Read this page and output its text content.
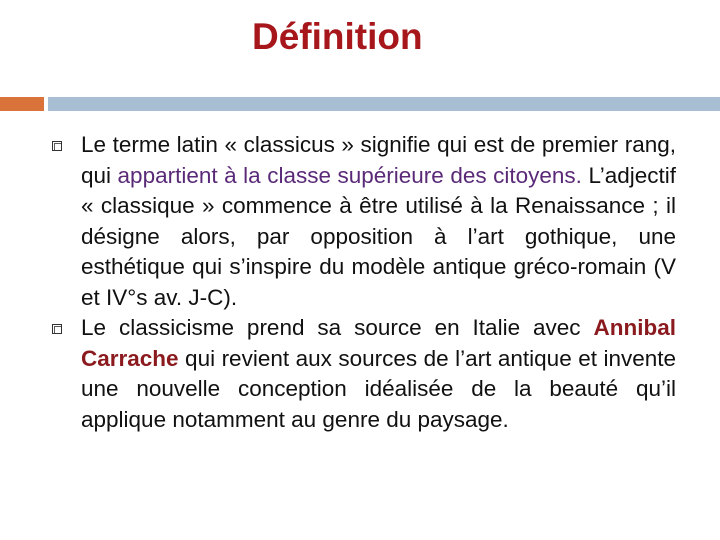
Définition
Le terme latin « classicus » signifie qui est de premier rang, qui appartient à la classe supérieure des citoyens. L’adjectif « classique » commence à être utilisé à la Renaissance ; il désigne alors, par opposition à l’art gothique, une esthétique qui s’inspire du modèle antique gréco-romain (V et IV°s av. J-C).
Le classicisme prend sa source en Italie avec Annibal Carrache qui revient aux sources de l’art antique et invente une nouvelle conception idéalisée de la beauté qu’il applique notamment au genre du paysage.
